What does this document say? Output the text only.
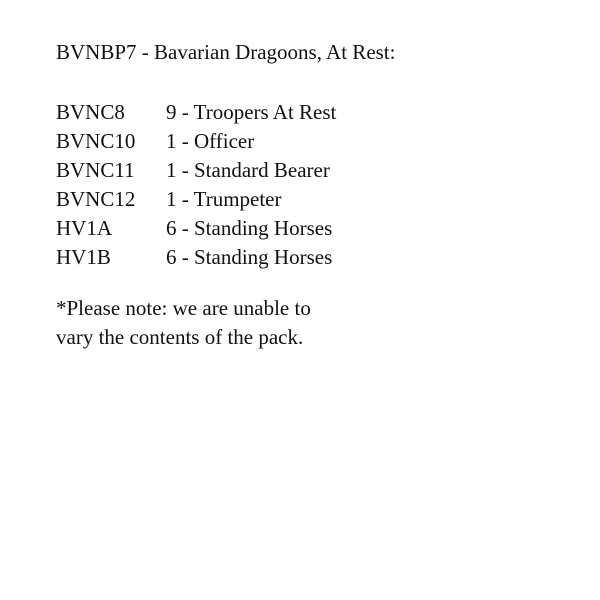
BVNBP7 - Bavarian Dragoons, At Rest:
BVNC8	9 - Troopers At Rest
BVNC10	1 - Officer
BVNC11	1 - Standard Bearer
BVNC12	1 - Trumpeter
HV1A	6 - Standing Horses
HV1B	6 - Standing Horses

*Please note: we are unable to

vary the contents of the pack.
